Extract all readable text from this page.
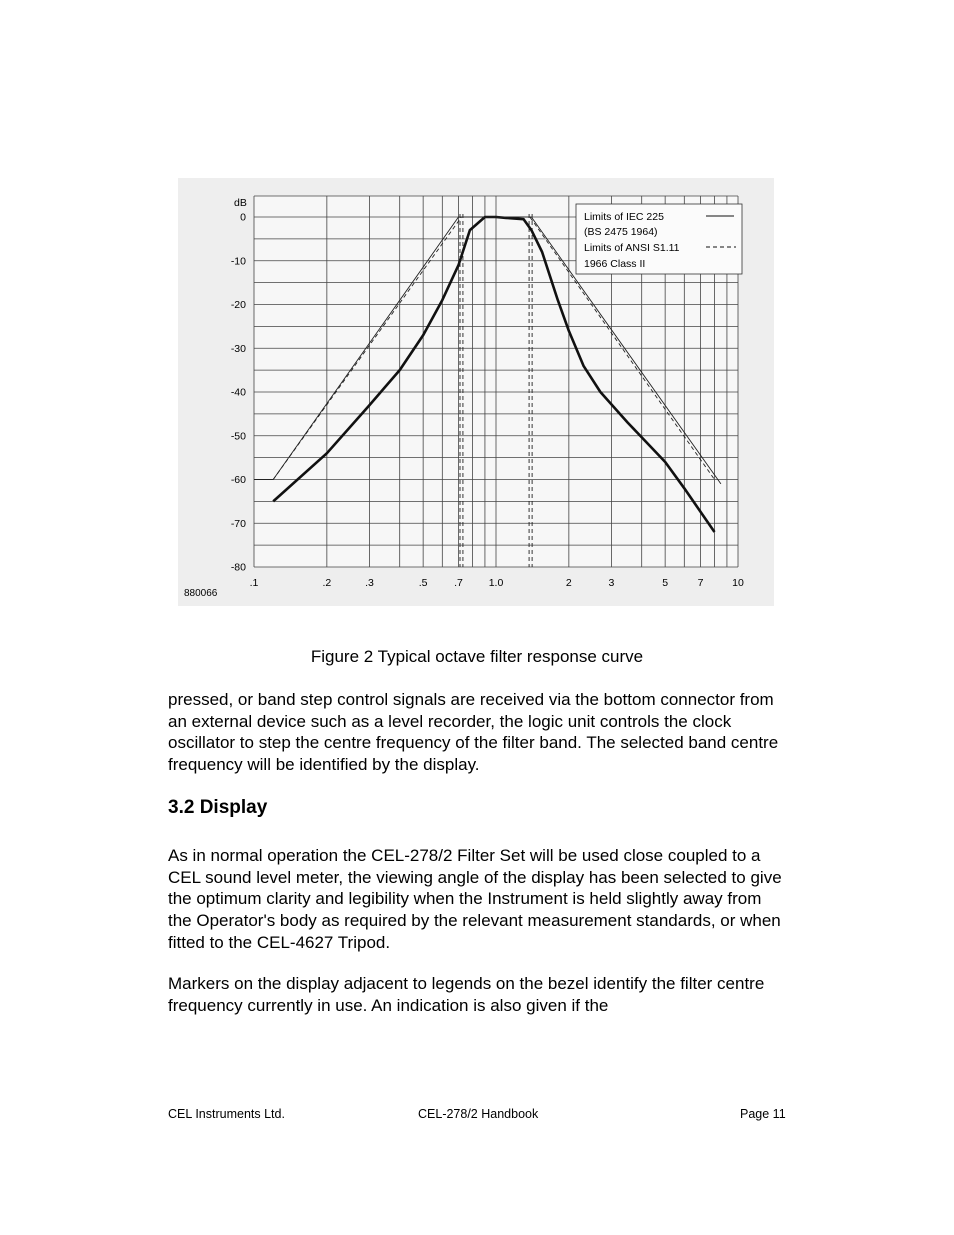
0
-10
-20
-30
-40
-50
-60
-70
-80
.1	.2	.3	.5	.7 1.0	2	3	5	7	10
dB
880066
Limits of IEC 225
(BS 2475 1964)
Limits of ANSI S1.11
1966 Class II
Figure 2 Typical octave filter response curve
pressed, or band step control signals are received via the bottom connector from an external device such as a level recorder, the logic unit controls the clock oscillator to step the centre frequency of the filter band. The selected band centre frequency will be identified by the display.
3.2 Display
As in normal operation the CEL-278/2 Filter Set will be used close coupled to a CEL sound level meter, the viewing angle of the display has been selected to give the optimum clarity and legibility when the Instrument is held slightly away from the Operator's body as required by the relevant measurement standards, or when fitted to the CEL-4627 Tripod.
Markers on the display adjacent to legends on the bezel identify the filter centre frequency currently in use. An indication is also given if the
CEL Instruments Ltd.	CEL-278/2 Handbook	Page 11
